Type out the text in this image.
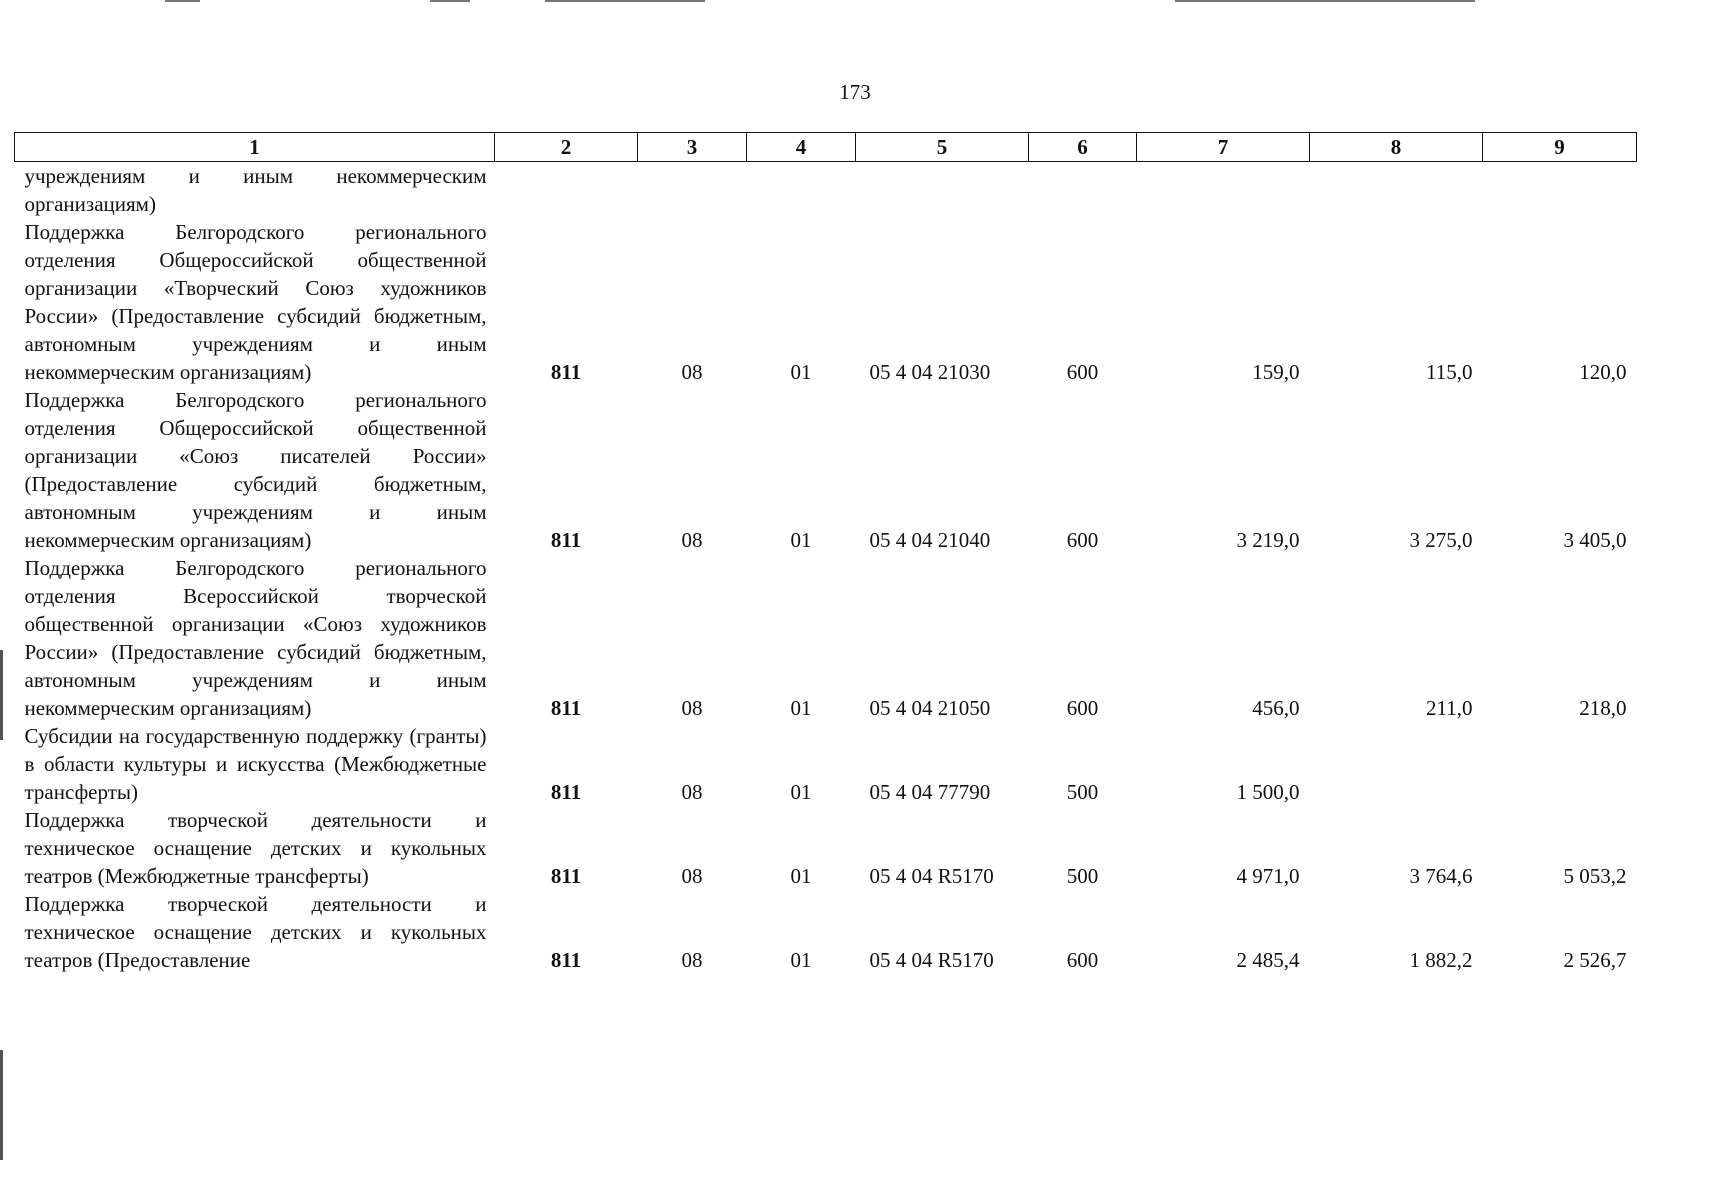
173
1	2	3	4	5	6	7	8	9

учреждениям и иным некоммерческим организациям)								

Поддержка Белгородского регионального отделения Общероссийской общественной организации «Творческий Союз художников России» (Предоставление субсидий бюджетным, автономным учреждениям и иным некоммерческим организациям)	811	08	01	05 4 04 21030	600	159,0	115,0	120,0

Поддержка Белгородского регионального отделения Общероссийской общественной организации «Союз писателей России» (Предоставление субсидий бюджетным, автономным учреждениям и иным некоммерческим организациям)	811	08	01	05 4 04 21040	600	3 219,0	3 275,0	3 405,0

Поддержка Белгородского регионального отделения Всероссийской творческой общественной организации «Союз художников России» (Предоставление субсидий бюджетным, автономным учреждениям и иным некоммерческим организациям)	811	08	01	05 4 04 21050	600	456,0	211,0	218,0

Субсидии на государственную поддержку (гранты) в области культуры и искусства (Межбюджетные трансферты)	811	08	01	05 4 04 77790	500	1 500,0		

Поддержка творческой деятельности и техническое оснащение детских и кукольных театров (Межбюджетные трансферты)	811	08	01	05 4 04 R5170	500	4 971,0	3 764,6	5 053,2

Поддержка творческой деятельности и техническое оснащение детских и кукольных театров (Предоставление	811	08	01	05 4 04 R5170	600	2 485,4	1 882,2	2 526,7
